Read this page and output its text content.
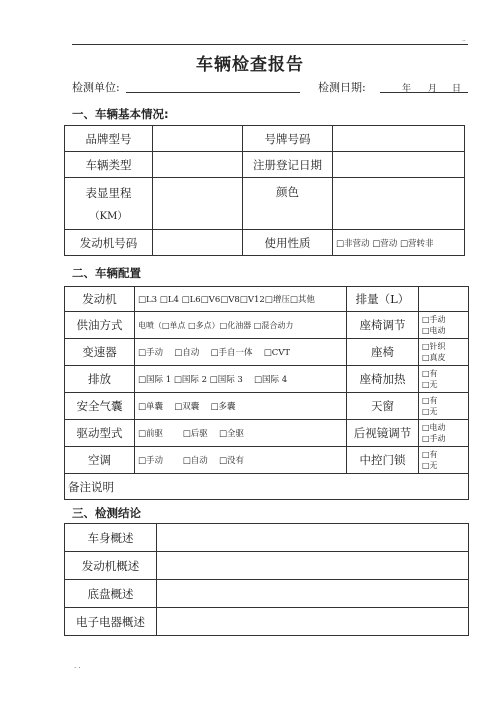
..
车辆检查报告
检测单位:	检测日期:	年 月 日
一、车辆基本情况:
品牌型号		号牌号码	
车辆类型		注册登记日期	

表显里程
（KM）		颜色	
发动机号码		使用性质	□非营动 □营动 □营转非
二、车辆配置
发动机	□L3 □L4 □L6□V6□V8□V12□增压□其他	排量（L）	
供油方式	电喷（□单点 □多点）□化油器 □混合动力	座椅调节	□手动
□电动

变速器	□手动 　□自动 　□手自一体 　□CVT	座椅	□针织
□真皮

排放	□国际 1 □国际 2 □国际 3 　□国际 4	座椅加热	□有
□无

安全气囊	□单囊 　□双囊 　□多囊	天窗	□有
□无

驱动型式	□前驱 　　□后驱 　□全驱	后视镜调节	□电动
□手动

空调	□手动 　　□自动 　□没有	中控门锁	□有
□无

备注说明			
三、检测结论
车身概述	
发动机概述	
底盘概述	
电子电器概述	
. .
